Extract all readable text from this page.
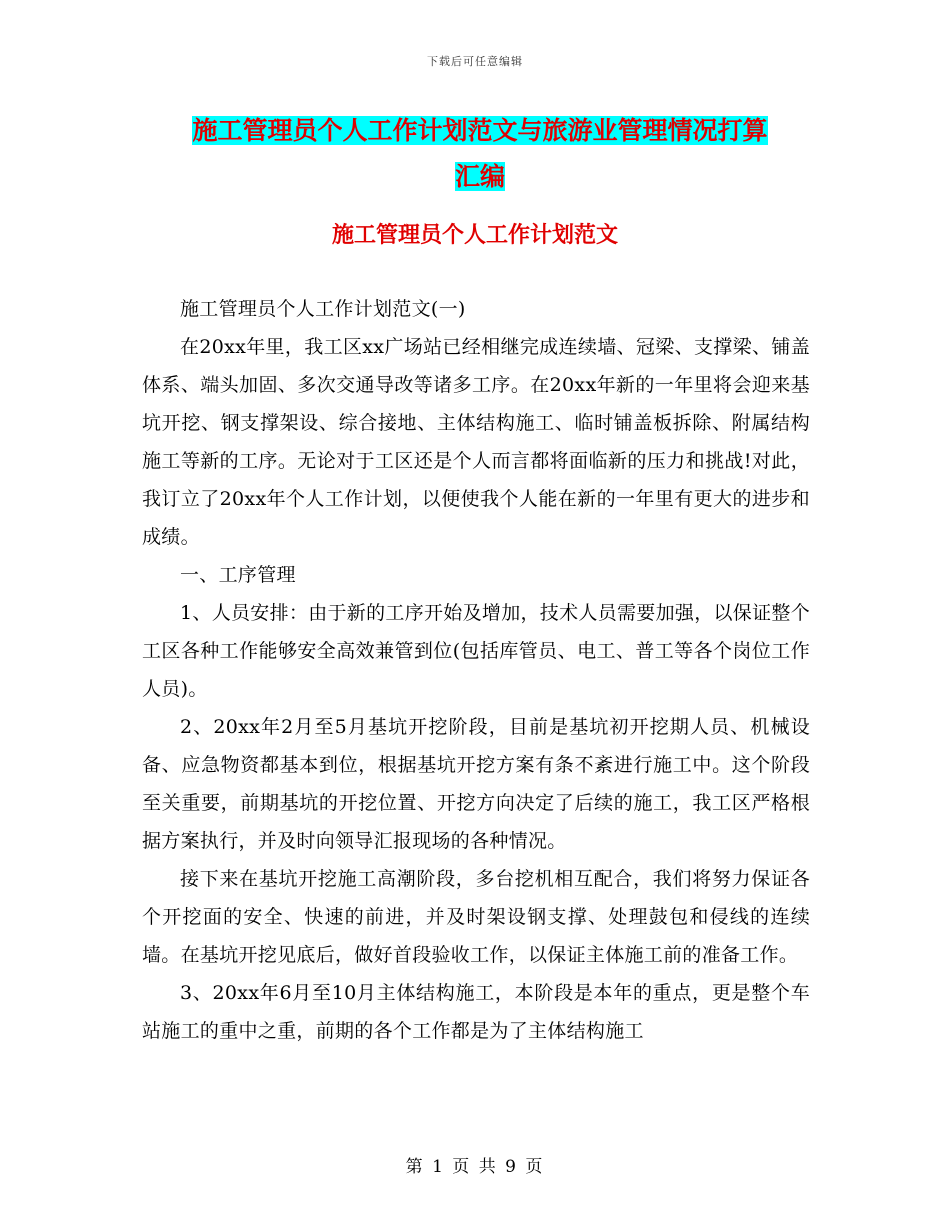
下载后可任意编辑
施工管理员个人工作计划范文与旅游业管理情况打算
汇编
施工管理员个人工作计划范文

施工管理员个人工作计划范文(一)

在20xx年里，我工区xx广场站已经相继完成连续墙、冠梁、支撑梁、铺盖体系、端头加固、多次交通导改等诸多工序。在20xx年新的一年里将会迎来基坑开挖、钢支撑架设、综合接地、主体结构施工、临时铺盖板拆除、附属结构施工等新的工序。无论对于工区还是个人而言都将面临新的压力和挑战!对此，我订立了20xx年个人工作计划，以便使我个人能在新的一年里有更大的进步和成绩。

一、工序管理

1、人员安排：由于新的工序开始及增加，技术人员需要加强，以保证整个工区各种工作能够安全高效兼管到位(包括库管员、电工、普工等各个岗位工作人员)。

2、20xx年2月至5月基坑开挖阶段，目前是基坑初开挖期人员、机械设备、应急物资都基本到位，根据基坑开挖方案有条不紊进行施工中。这个阶段至关重要，前期基坑的开挖位置、开挖方向决定了后续的施工，我工区严格根据方案执行，并及时向领导汇报现场的各种情况。

接下来在基坑开挖施工高潮阶段，多台挖机相互配合，我们将努力保证各个开挖面的安全、快速的前进，并及时架设钢支撑、处理鼓包和侵线的连续墙。在基坑开挖见底后，做好首段验收工作，以保证主体施工前的准备工作。

3、20xx年6月至10月主体结构施工，本阶段是本年的重点，更是整个车站施工的重中之重，前期的各个工作都是为了主体结构施工

第 1 页 共 9 页
